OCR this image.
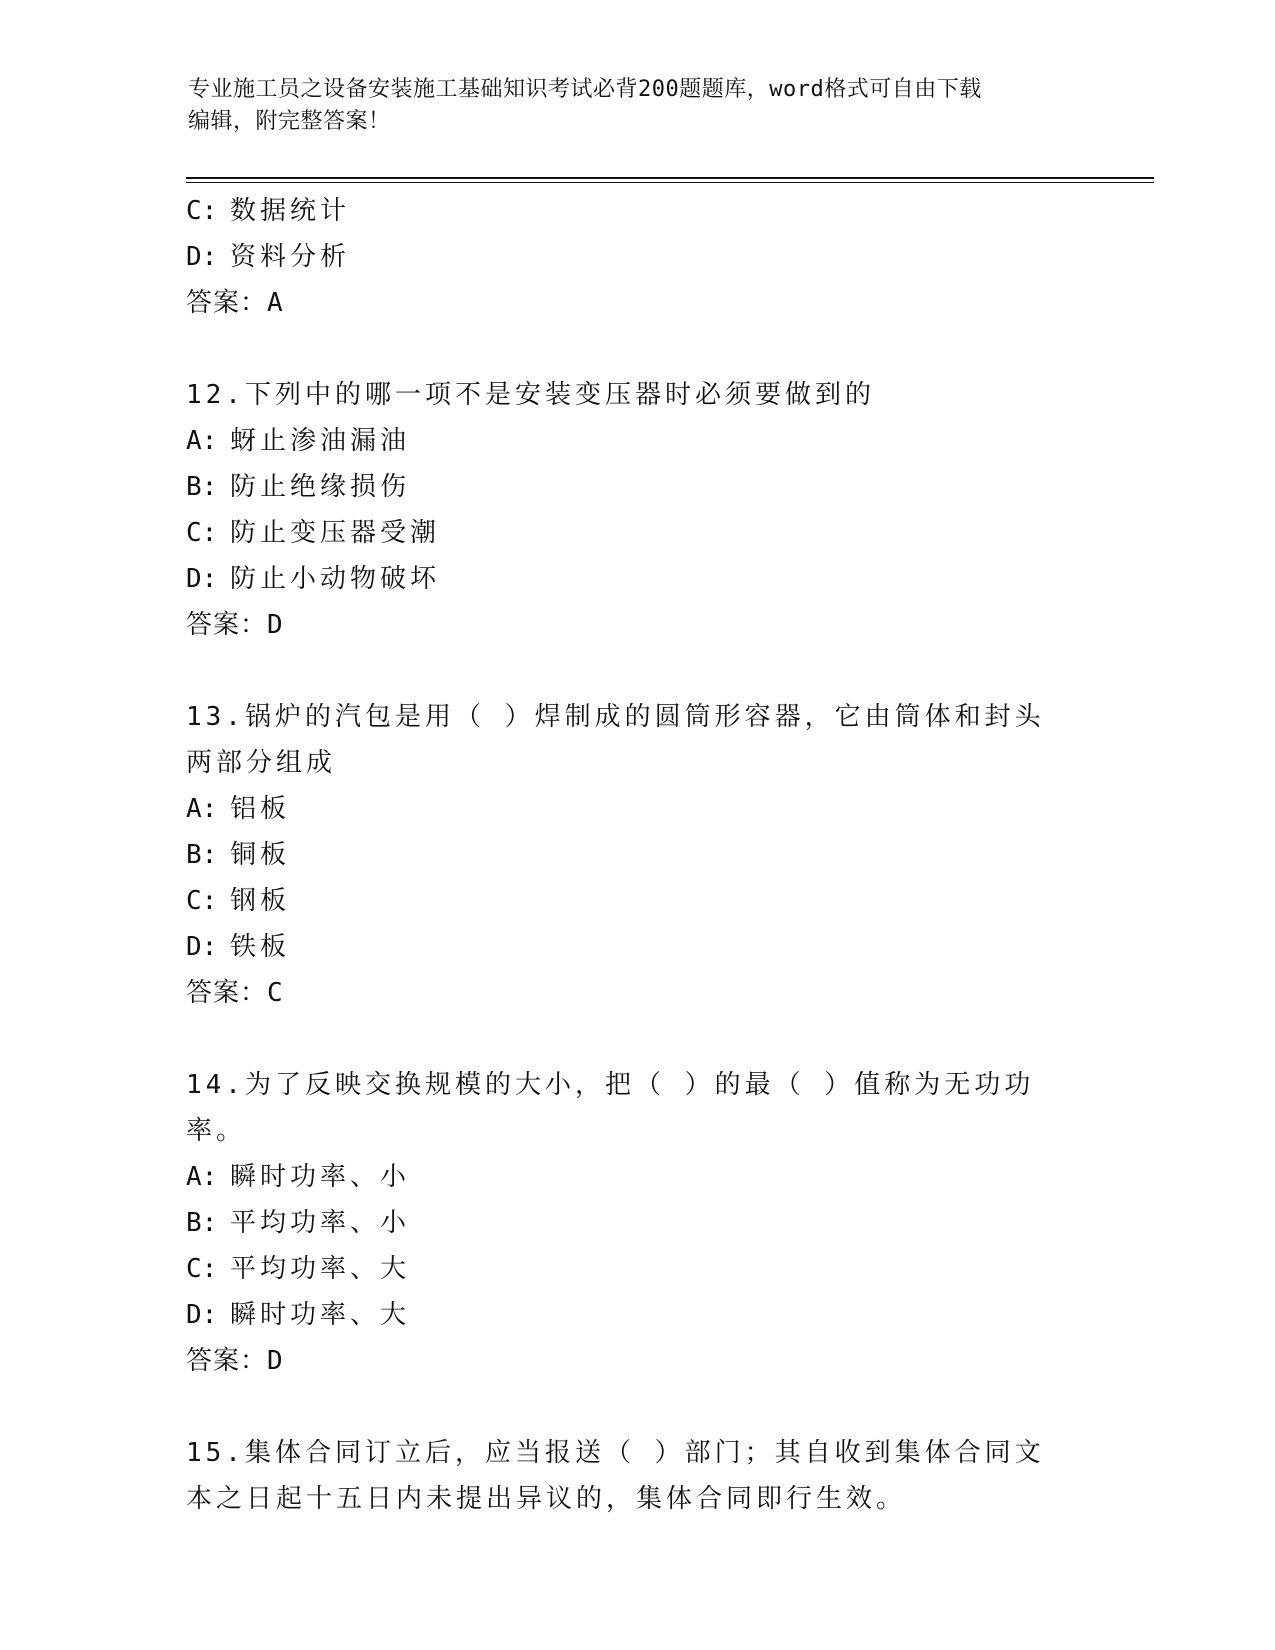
专业施工员之设备安装施工基础知识考试必背200题题库，word格式可自由下载
编辑，附完整答案！
C: 数据统计
D: 资料分析
答案：A
12.下列中的哪一项不是安装变压器时必须要做到的
A: 蚜止渗油漏油
B: 防止绝缘损伤
C: 防止变压器受潮
D: 防止小动物破坏
答案：D
13.锅炉的汽包是用（ ）焊制成的圆筒形容器，它由筒体和封头两部分组成
A: 铝板
B: 铜板
C: 钢板
D: 铁板
答案：C
14.为了反映交换规模的大小，把（ ）的最（ ）值称为无功功率。
A: 瞬时功率、小
B: 平均功率、小
C: 平均功率、大
D: 瞬时功率、大
答案：D
15.集体合同订立后，应当报送（ ）部门；其自收到集体合同文本之日起十五日内未提出异议的，集体合同即行生效。
